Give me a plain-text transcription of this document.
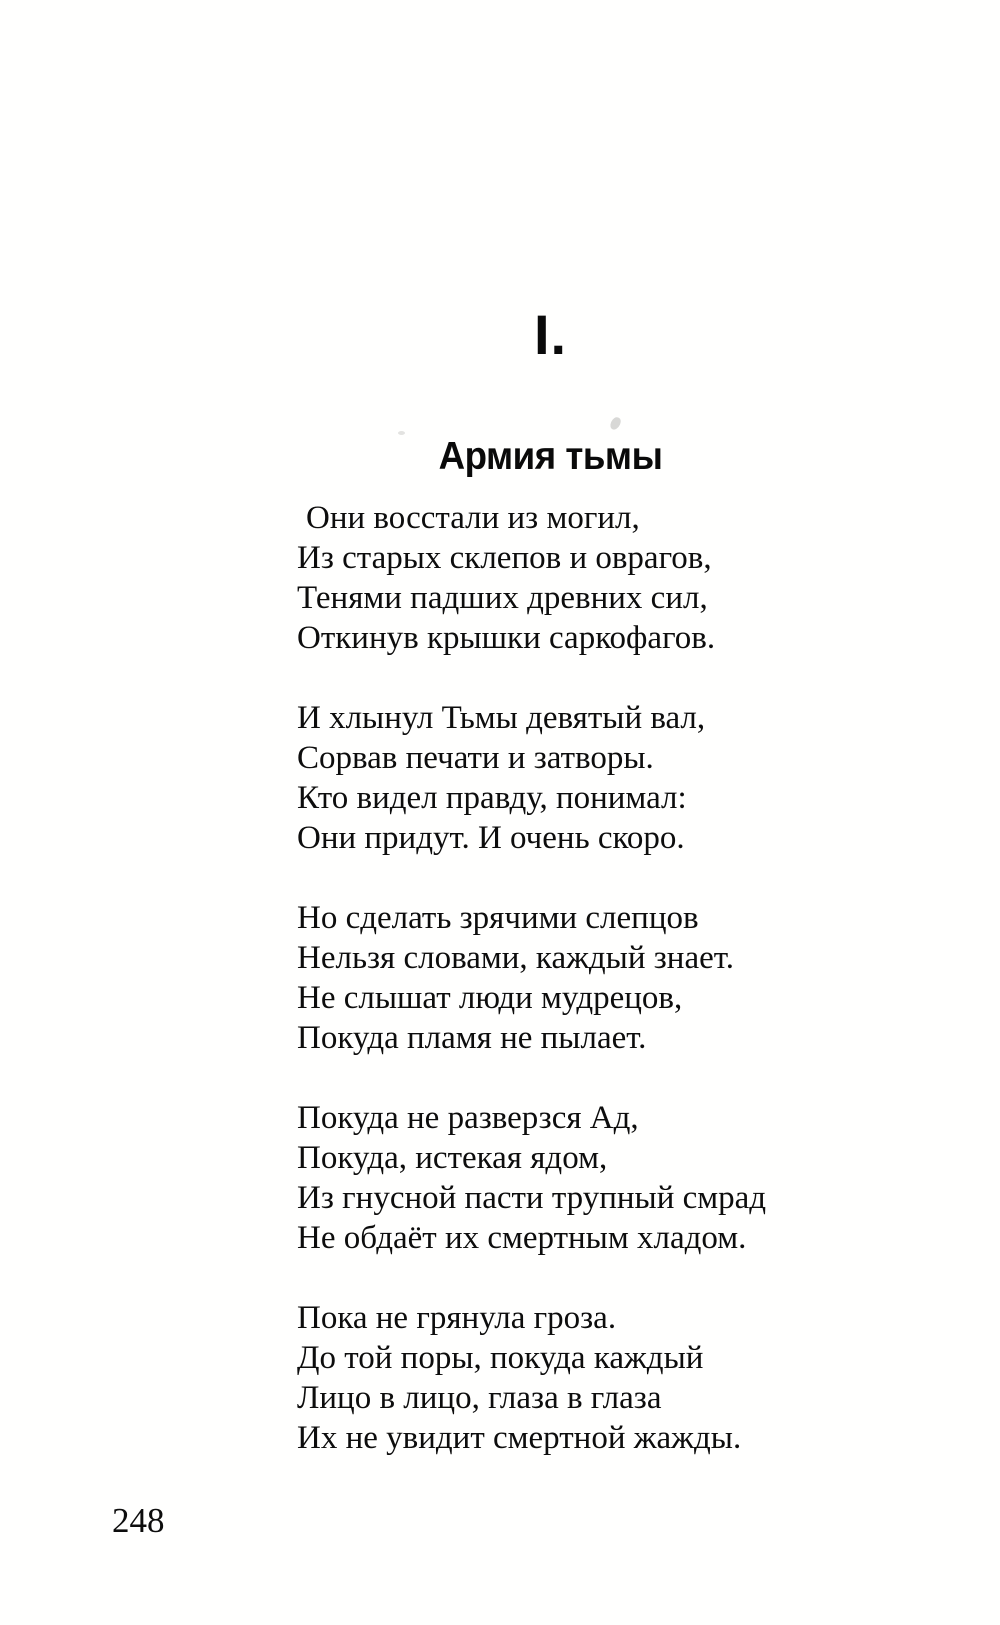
I.
Армия тьмы
Они восстали из могил,
Из старых склепов и оврагов,
Тенями падших древних сил,
Откинув крышки саркофагов.
И хлынул Тьмы девятый вал,
Сорвав печати и затворы.
Кто видел правду, понимал:
Они придут. И очень скоро.
Но сделать зрячими слепцов
Нельзя словами, каждый знает.
Не слышат люди мудрецов,
Покуда пламя не пылает.
Покуда не разверзся Ад,
Покуда, истекая ядом,
Из гнусной пасти трупный смрад
Не обдаёт их смертным хладом.
Пока не грянула гроза.
До той поры, покуда каждый
Лицо в лицо, глаза в глаза
Их не увидит смертной жажды.
248
